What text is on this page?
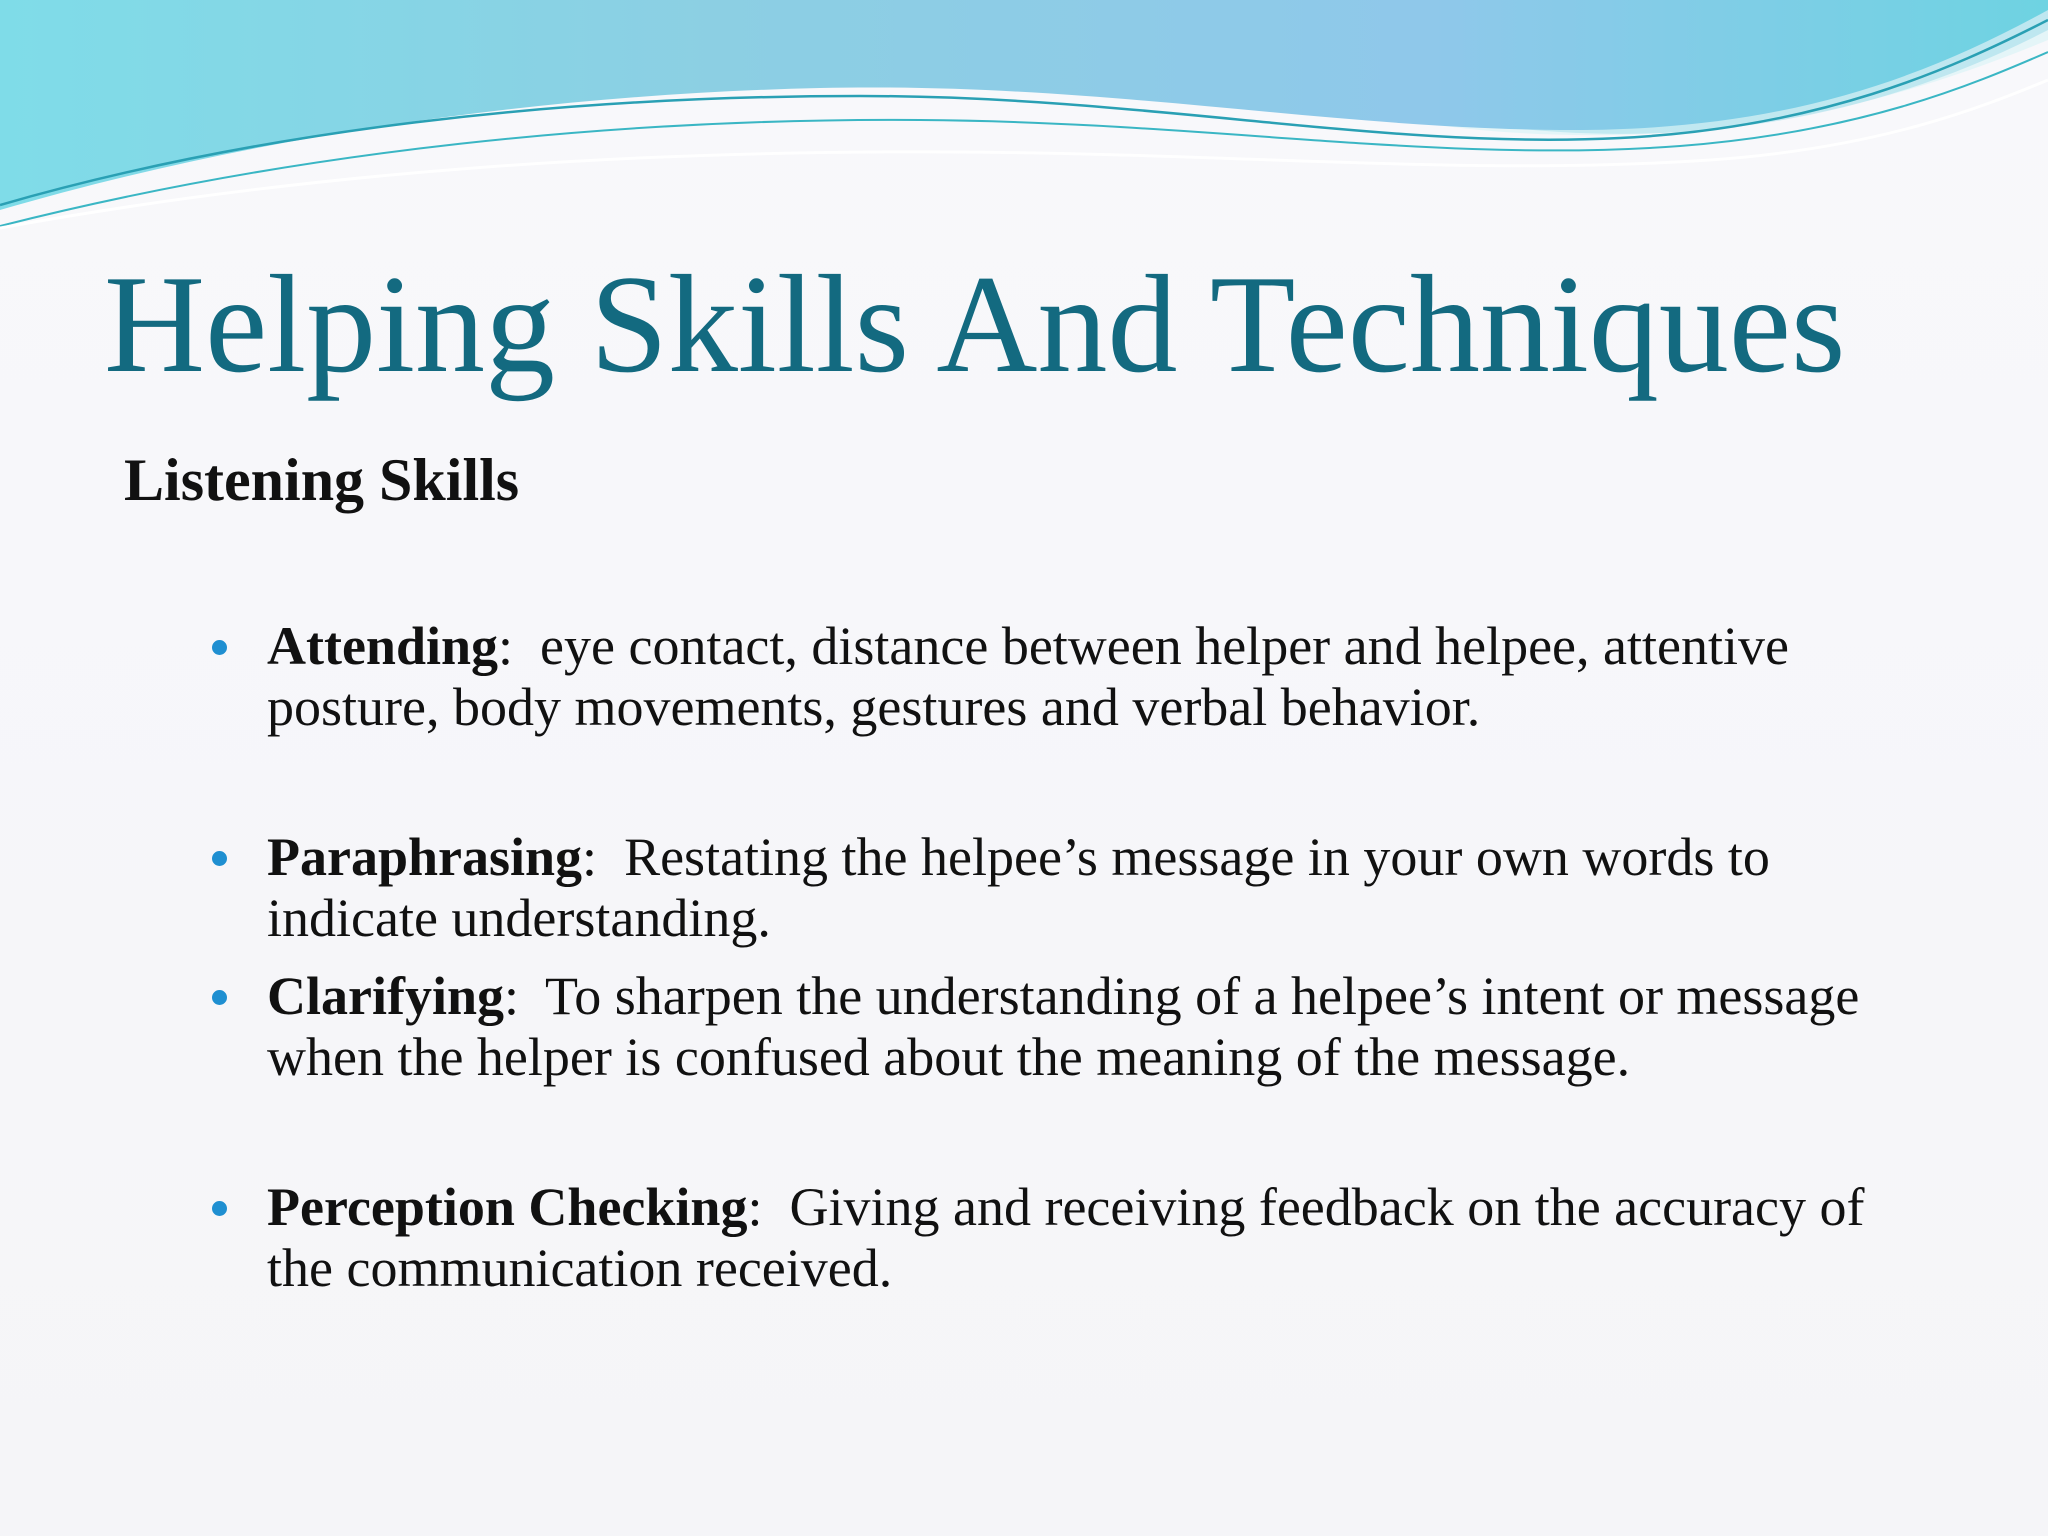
Helping Skills And Techniques
Listening Skills
Attending:  eye contact, distance between helper and helpee, attentive posture, body movements, gestures and verbal behavior.
Paraphrasing:  Restating the helpee’s message in your own words to indicate understanding.
Clarifying:  To sharpen the understanding of a helpee’s intent or message when the helper is confused about the meaning of the message.
Perception Checking:  Giving and receiving feedback on the accuracy of the communication received.
